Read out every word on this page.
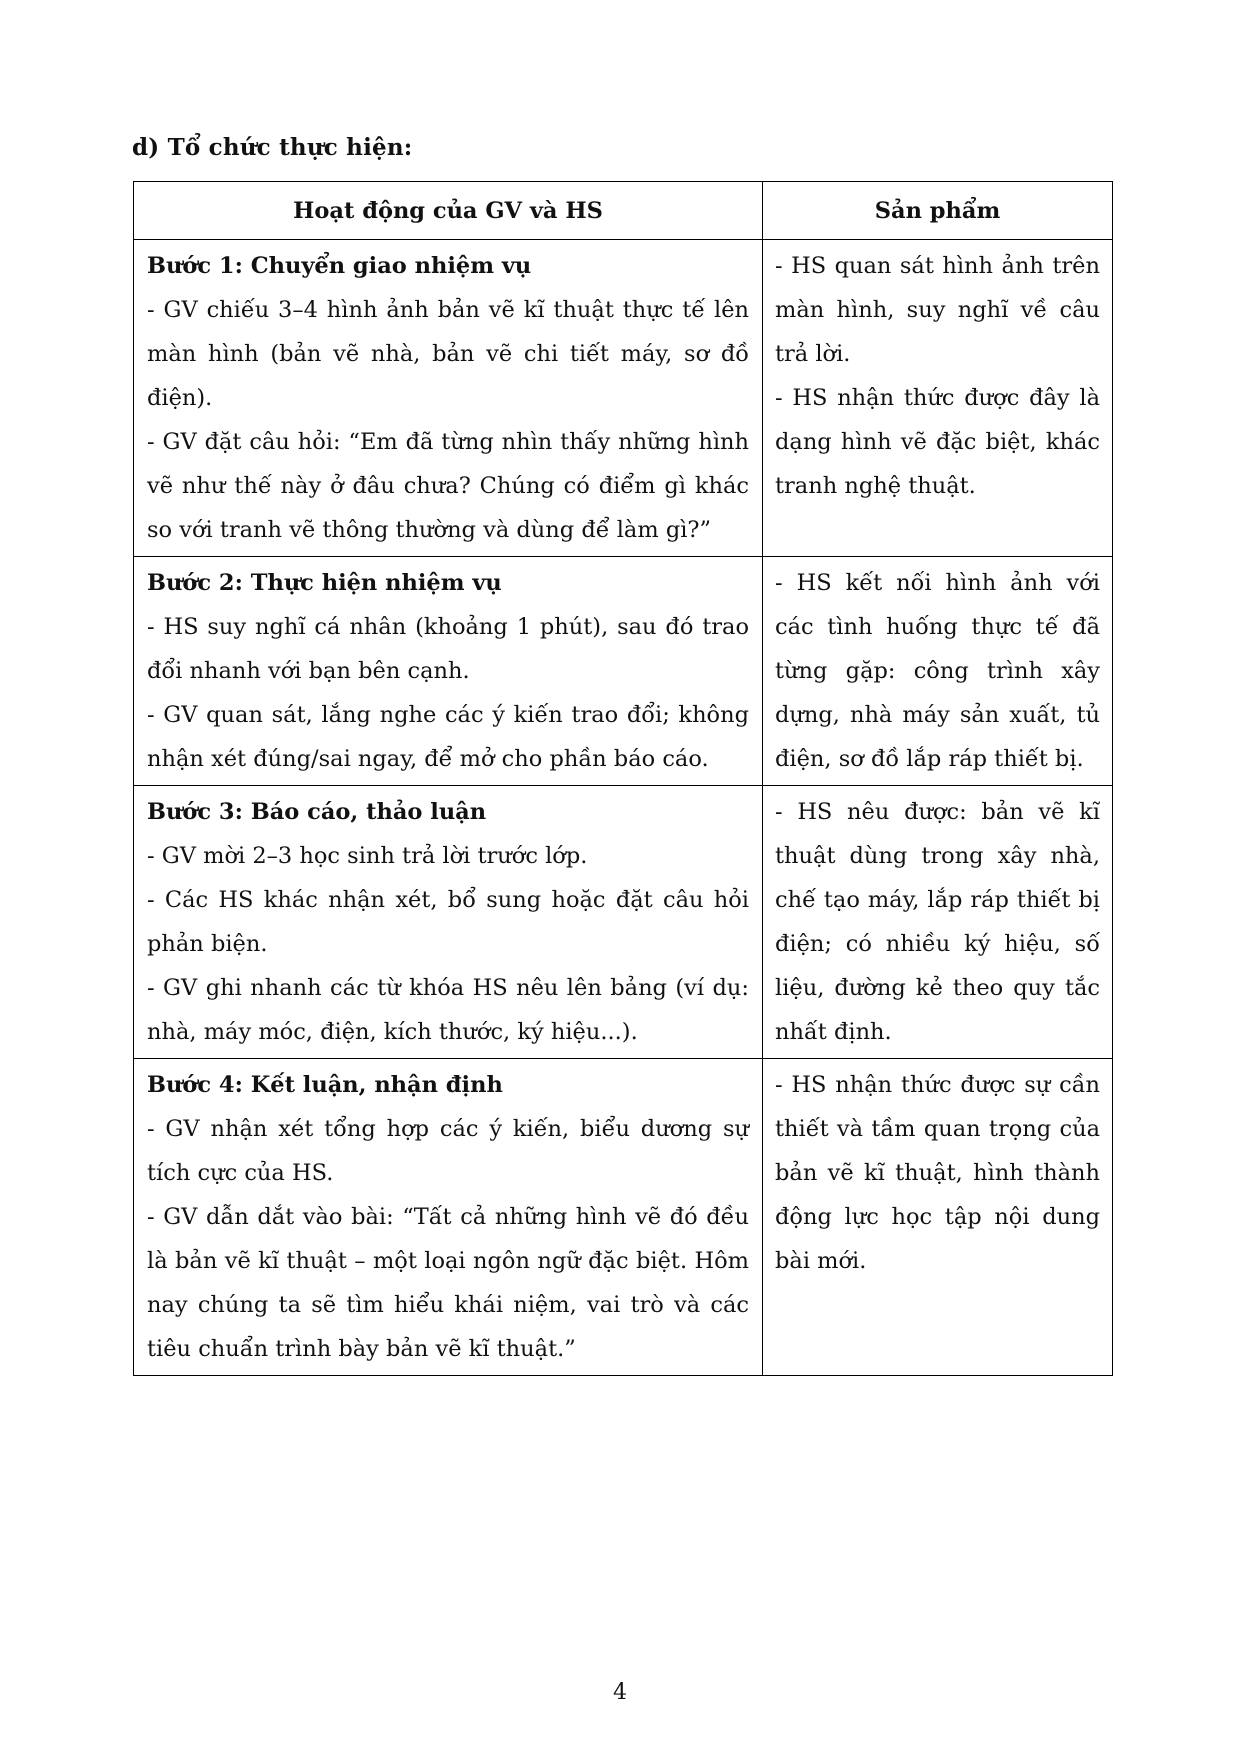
d) Tổ chức thực hiện:
Hoạt động của GV và HS	Sản phẩm

Bước 1: Chuyển giao nhiệm vụ
- GV chiếu 3–4 hình ảnh bản vẽ kĩ thuật thực tế lên màn hình (bản vẽ nhà, bản vẽ chi tiết máy, sơ đồ điện).
- GV đặt câu hỏi: “Em đã từng nhìn thấy những hình vẽ như thế này ở đâu chưa? Chúng có điểm gì khác so với tranh vẽ thông thường và dùng để làm gì?”	- HS quan sát hình ảnh trên màn hình, suy nghĩ về câu trả lời.
- HS nhận thức được đây là dạng hình vẽ đặc biệt, khác tranh nghệ thuật.

Bước 2: Thực hiện nhiệm vụ
- HS suy nghĩ cá nhân (khoảng 1 phút), sau đó trao đổi nhanh với bạn bên cạnh.
- GV quan sát, lắng nghe các ý kiến trao đổi; không nhận xét đúng/sai ngay, để mở cho phần báo cáo.	- HS kết nối hình ảnh với các tình huống thực tế đã từng gặp: công trình xây dựng, nhà máy sản xuất, tủ điện, sơ đồ lắp ráp thiết bị.

Bước 3: Báo cáo, thảo luận
- GV mời 2–3 học sinh trả lời trước lớp.
- Các HS khác nhận xét, bổ sung hoặc đặt câu hỏi phản biện.
- GV ghi nhanh các từ khóa HS nêu lên bảng (ví dụ: nhà, máy móc, điện, kích thước, ký hiệu...).	- HS nêu được: bản vẽ kĩ thuật dùng trong xây nhà, chế tạo máy, lắp ráp thiết bị điện; có nhiều ký hiệu, số liệu, đường kẻ theo quy tắc nhất định.

Bước 4: Kết luận, nhận định
- GV nhận xét tổng hợp các ý kiến, biểu dương sự tích cực của HS.
- GV dẫn dắt vào bài: “Tất cả những hình vẽ đó đều là bản vẽ kĩ thuật – một loại ngôn ngữ đặc biệt. Hôm nay chúng ta sẽ tìm hiểu khái niệm, vai trò và các tiêu chuẩn trình bày bản vẽ kĩ thuật.”	- HS nhận thức được sự cần thiết và tầm quan trọng của bản vẽ kĩ thuật, hình thành động lực học tập nội dung bài mới.
4
